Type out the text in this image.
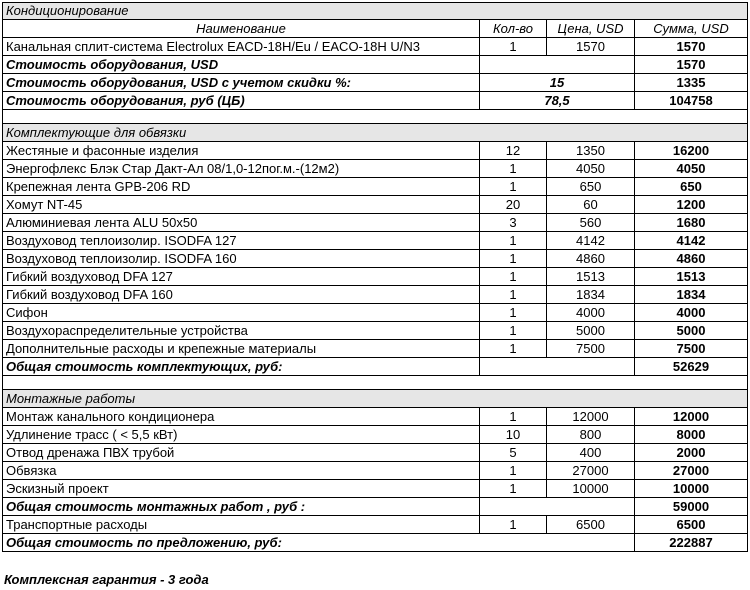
Кондиционирование
Наименование	Кол-во	Цена, USD	Сумма, USD
Канальная сплит-система Electrolux EACD-18H/Eu / EACO-18H U/N3	1	1570	1570
Стоимость оборудования, USD	1570
Стоимость оборудования, USD с учетом скидки %:	15	1335
Стоимость оборудования, руб (ЦБ)	78,5	104758
Комплектующие для обвязки
Жестяные и фасонные изделия	12	1350	16200
Энергофлекс Блэк Стар Дакт-Ал 08/1,0-12пог.м.-(12м2)	1	4050	4050
Крепежная лента GPB-206 RD	1	650	650
Хомут NT-45	20	60	1200
Алюминиевая лента ALU 50x50	3	560	1680
Воздуховод теплоизолир. ISODFA 127	1	4142	4142
Воздуховод теплоизолир. ISODFA 160	1	4860	4860
Гибкий воздуховод DFA 127	1	1513	1513
Гибкий воздуховод DFA 160	1	1834	1834
Сифон	1	4000	4000
Воздухораспределительные устройства	1	5000	5000
Дополнительные расходы и крепежные материалы	1	7500	7500
Общая стоимость комплектующих, руб:	52629
Монтажные работы
Монтаж канального кондиционера	1	12000	12000
Удлинение трасс ( < 5,5 кВт)	10	800	8000
Отвод дренажа ПВХ трубой	5	400	2000
Обвязка	1	27000	27000
Эскизный проект	1	10000	10000
Общая стоимость монтажных работ , руб :	59000
Транспортные расходы	1	6500	6500
Общая стоимость по предложению, руб:	222887
Комплексная гарантия - 3 года
